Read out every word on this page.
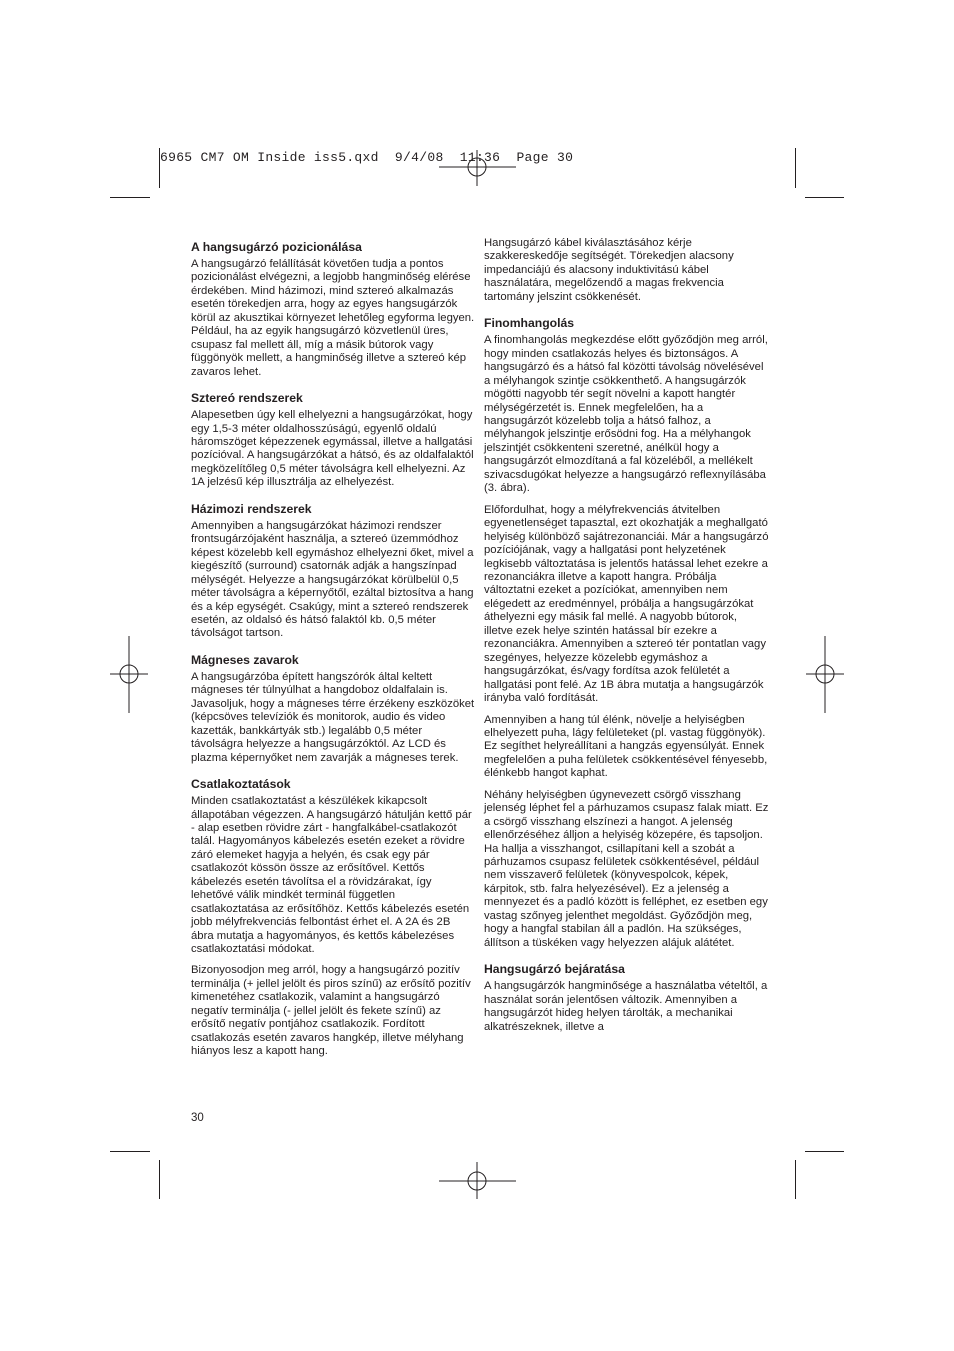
6965 CM7 OM Inside iss5.qxd  9/4/08  11:36  Page 30
A hangsugárzó pozicionálása

A hangsugárzó felállítását követően tudja a pontos pozicionálást elvégezni, a legjobb hangminőség elérése érdekében. Mind házimozi, mind sztereó alkalmazás esetén törekedjen arra, hogy az egyes hangsugárzók körül az akusztikai környezet lehetőleg egyforma legyen. Például, ha az egyik hangsugárzó közvetlenül üres, csupasz fal mellett áll, míg a másik bútorok vagy függönyök mellett, a hangminőség illetve a sztereó kép zavaros lehet.

Sztereó rendszerek

Alapesetben úgy kell elhelyezni a hangsugárzókat, hogy egy 1,5-3 méter oldalhosszúságú, egyenlő oldalú háromszöget képezzenek egymással, illetve a hallgatási pozícióval. A hangsugárzókat a hátsó, és az oldalfalaktól megközelítőleg 0,5 méter távolságra kell elhelyezni. Az 1A jelzésű kép illusztrálja az elhelyezést.

Házimozi rendszerek

Amennyiben a hangsugárzókat házimozi rendszer frontsugárzójaként használja, a sztereó üzemmódhoz képest közelebb kell egymáshoz elhelyezni őket, mivel a kiegészítő (surround) csatornák adják a hangszínpad mélységét. Helyezze a hangsugárzókat körülbelül 0,5 méter távolságra a képernyőtől, ezáltal biztosítva a hang és a kép egységét. Csakúgy, mint a sztereó rendszerek esetén, az oldalsó és hátsó falaktól kb. 0,5 méter távolságot tartson.

Mágneses zavarok

A hangsugárzóba épített hangszórók által keltett mágneses tér túlnyúlhat a hangdoboz oldalfalain is. Javasoljuk, hogy a mágneses térre érzékeny eszközöket (képcsöves televíziók és monitorok, audio és video kazetták, bankkártyák stb.) legalább 0,5 méter távolságra helyezze a hangsugárzóktól. Az LCD és plazma képernyőket nem zavarják a mágneses terek.

Csatlakoztatások

Minden csatlakoztatást a készülékek kikapcsolt állapotában végezzen. A hangsugárzó hátulján kettő pár - alap esetben rövidre zárt - hangfalkábel-csatlakozót talál. Hagyományos kábelezés esetén ezeket a rövidre záró elemeket hagyja a helyén, és csak egy pár csatlakozót kössön össze az erősítővel. Kettős kábelezés esetén távolítsa el a rövidzárakat, így lehetővé válik mindkét terminál független csatlakoztatása az erősítőhöz. Kettős kábelezés esetén jobb mélyfrekvenciás felbontást érhet el. A 2A és 2B ábra mutatja a hagyományos, és kettős kábelezéses csatlakoztatási módokat.

Bizonyosodjon meg arról, hogy a hangsugárzó pozitív terminálja (+ jellel jelölt és piros színű) az erősítő pozitív kimenetéhez csatlakozik, valamint a hangsugárzó negatív terminálja (- jellel jelölt és fekete színű) az erősítő negatív pontjához csatlakozik. Fordított csatlakozás esetén zavaros hangkép, illetve mélyhang hiányos lesz a kapott hang.

Hangsugárzó kábel kiválasztásához kérje szakkereskedője segítségét. Törekedjen alacsony impedanciájú és alacsony induktivitású kábel használatára, megelőzendő a magas frekvencia tartomány jelszint csökkenését.

Finomhangolás

A finomhangolás megkezdése előtt győződjön meg arról, hogy minden csatlakozás helyes és biztonságos. A hangsugárzó és a hátsó fal közötti távolság növelésével a mélyhangok szintje csökkenthető. A hangsugárzók mögötti nagyobb tér segít növelni a kapott hangtér mélységérzetét is. Ennek megfelelően, ha a hangsugárzót közelebb tolja a hátsó falhoz, a mélyhangok jelszintje erősödni fog. Ha a mélyhangok jelszintjét csökkenteni szeretné, anélkül hogy a hangsugárzót elmozdítaná a fal közeléből, a mellékelt szivacsdugókat helyezze a hangsugárzó reflexnyílásába (3. ábra).

Előfordulhat, hogy a mélyfrekvenciás átvitelben egyenetlenséget tapasztal, ezt okozhatják a meghallgató helyiség különböző sajátrezonanciái. Már a hangsugárzó pozíciójának, vagy a hallgatási pont helyzetének legkisebb változtatása is jelentős hatással lehet ezekre a rezonanciákra illetve a kapott hangra. Próbálja változtatni ezeket a pozíciókat, amennyiben nem elégedett az eredménnyel, próbálja a hangsugárzókat áthelyezni egy másik fal mellé. A nagyobb bútorok, illetve ezek helye szintén hatással bír ezekre a rezonanciákra. Amennyiben a sztereó tér pontatlan vagy szegényes, helyezze közelebb egymáshoz a hangsugárzókat, és/vagy fordítsa azok felületét a hallgatási pont felé. Az 1B ábra mutatja a hangsugárzók irányba való fordítását.

Amennyiben a hang túl élénk, növelje a helyiségben elhelyezett puha, lágy felületeket (pl. vastag függönyök). Ez segíthet helyreállítani a hangzás egyensúlyát. Ennek megfelelően a puha felületek csökkentésével fényesebb, élénkebb hangot kaphat.

Néhány helyiségben úgynevezett csörgő visszhang jelenség léphet fel a párhuzamos csupasz falak miatt. Ez a csörgő visszhang elszínezi a hangot. A jelenség ellenőrzéséhez álljon a helyiség közepére, és tapsoljon. Ha hallja a visszhangot, csillapítani kell a szobát a párhuzamos csupasz felületek csökkentésével, például nem visszaverő felületek (könyvespolcok, képek, kárpitok, stb. falra helyezésével). Ez a jelenség a mennyezet és a padló között is felléphet, ez esetben egy vastag szőnyeg jelenthet megoldást. Győződjön meg, hogy a hangfal stabilan áll a padlón. Ha szükséges, állítson a tüskéken vagy helyezzen alájuk alátétet.

Hangsugárzó bejáratása

A hangsugárzók hangminősége a használatba vételtől, a használat során jelentősen változik. Amennyiben a hangsugárzót hideg helyen tárolták, a mechanikai alkatrészeknek, illetve a

30
